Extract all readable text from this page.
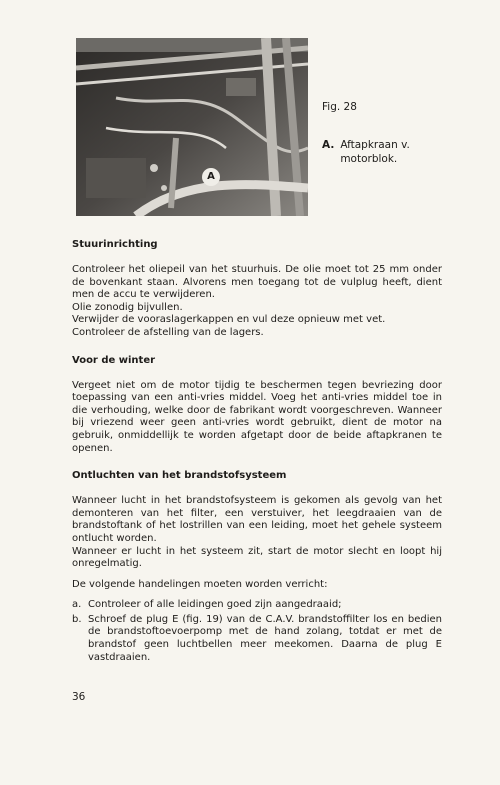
A

Fig. 28

A. Aftapkraan v. motorblok.
Stuurinrichting

Controleer het oliepeil van het stuurhuis. De olie moet tot 25 mm onder de bovenkant staan. Alvorens men toegang tot de vulplug heeft, dient men de accu te verwijderen.

Olie zonodig bijvullen.

Verwijder de vooraslagerkappen en vul deze opnieuw met vet.

Controleer de afstelling van de lagers.

Voor de winter

Vergeet niet om de motor tijdig te beschermen tegen bevriezing door toepassing van een anti-vries middel. Voeg het anti-vries middel toe in die verhouding, welke door de fabrikant wordt voorgeschreven. Wanneer bij vriezend weer geen anti-vries wordt gebruikt, dient de motor na gebruik, onmiddellijk te worden afgetapt door de beide aftapkranen te openen.

Ontluchten van het brandstofsysteem

Wanneer lucht in het brandstofsysteem is gekomen als gevolg van het demonteren van het filter, een verstuiver, het leegdraaien van de brandstoftank of het lostrillen van een leiding, moet het gehele systeem ontlucht worden.

Wanneer er lucht in het systeem zit, start de motor slecht en loopt hij onregelmatig.

De volgende handelingen moeten worden verricht:

a. Controleer of alle leidingen goed zijn aangedraaid;
b. Schroef de plug E (fig. 19) van de C.A.V. brandstoffilter los en bedien de brandstoftoevoerpomp met de hand zolang, totdat er met de brandstof geen luchtbellen meer meekomen. Daarna de plug E vastdraaien.

36
